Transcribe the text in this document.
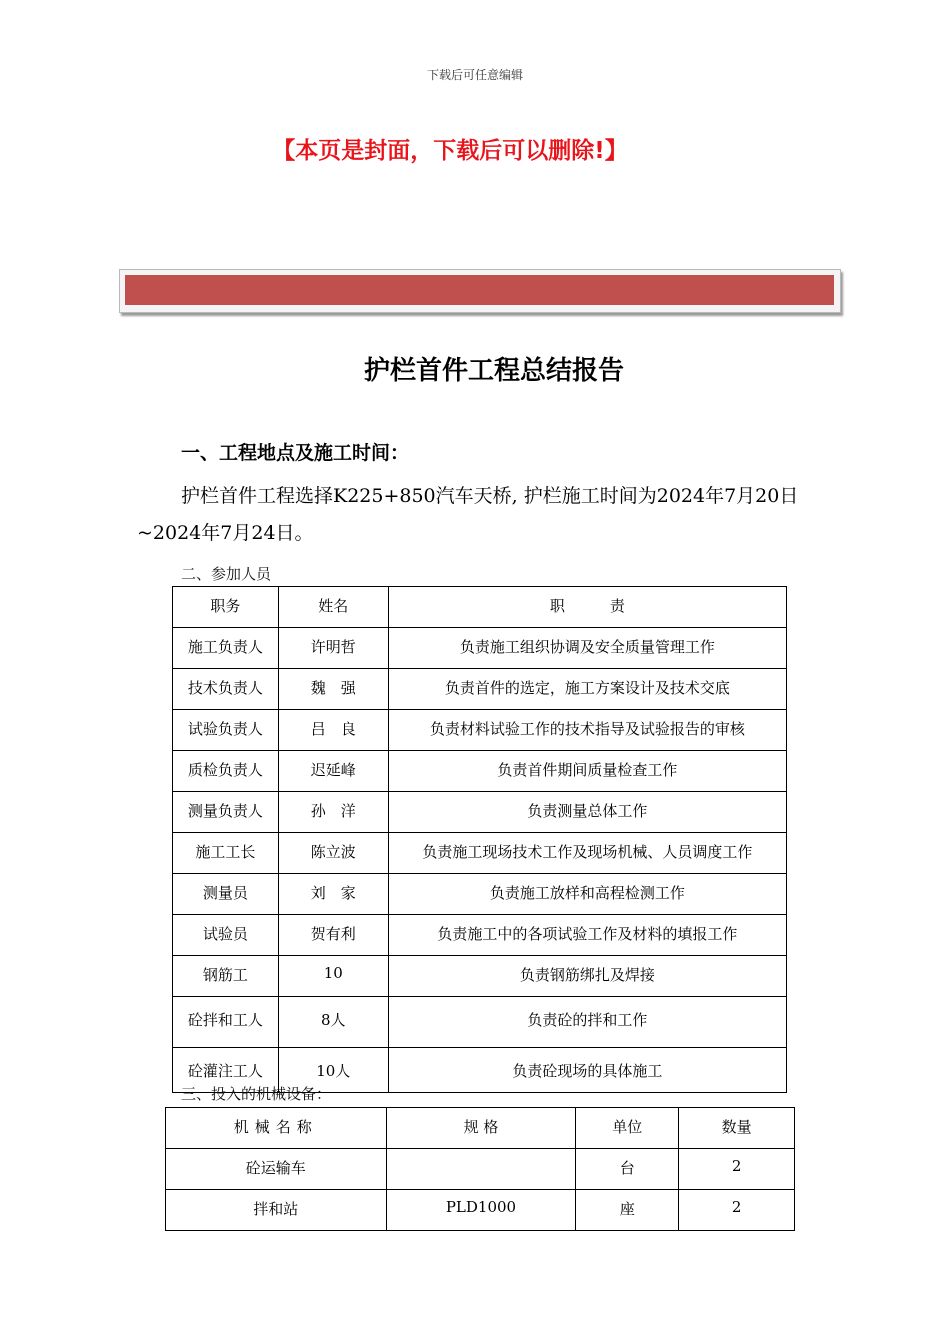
下载后可任意编辑
【本页是封面，下载后可以删除!】
护栏首件工程总结报告
一、工程地点及施工时间：
护栏首件工程选择K225+850汽车天桥, 护栏施工时间为2024年7月20日~2024年7月24日。
二、参加人员
职务	姓名	职　　　责
施工负责人	许明哲	负责施工组织协调及安全质量管理工作
技术负责人	魏　强	负责首件的选定，施工方案设计及技术交底
试验负责人	吕　良	负责材料试验工作的技术指导及试验报告的审核
质检负责人	迟延峰	负责首件期间质量检查工作
测量负责人	孙　洋	负责测量总体工作
施工工长	陈立波	负责施工现场技术工作及现场机械、人员调度工作
测量员	刘　家	负责施工放样和高程检测工作
试验员	贺有利	负责施工中的各项试验工作及材料的填报工作
钢筋工	10	负责钢筋绑扎及焊接
砼拌和工人	8人	负责砼的拌和工作
砼灌注工人	10人	负责砼现场的具体施工
三、投入的机械设备：
机械名称	规 格	单位	数量
砼运输车		台	2
拌和站	PLD1000	座	2
